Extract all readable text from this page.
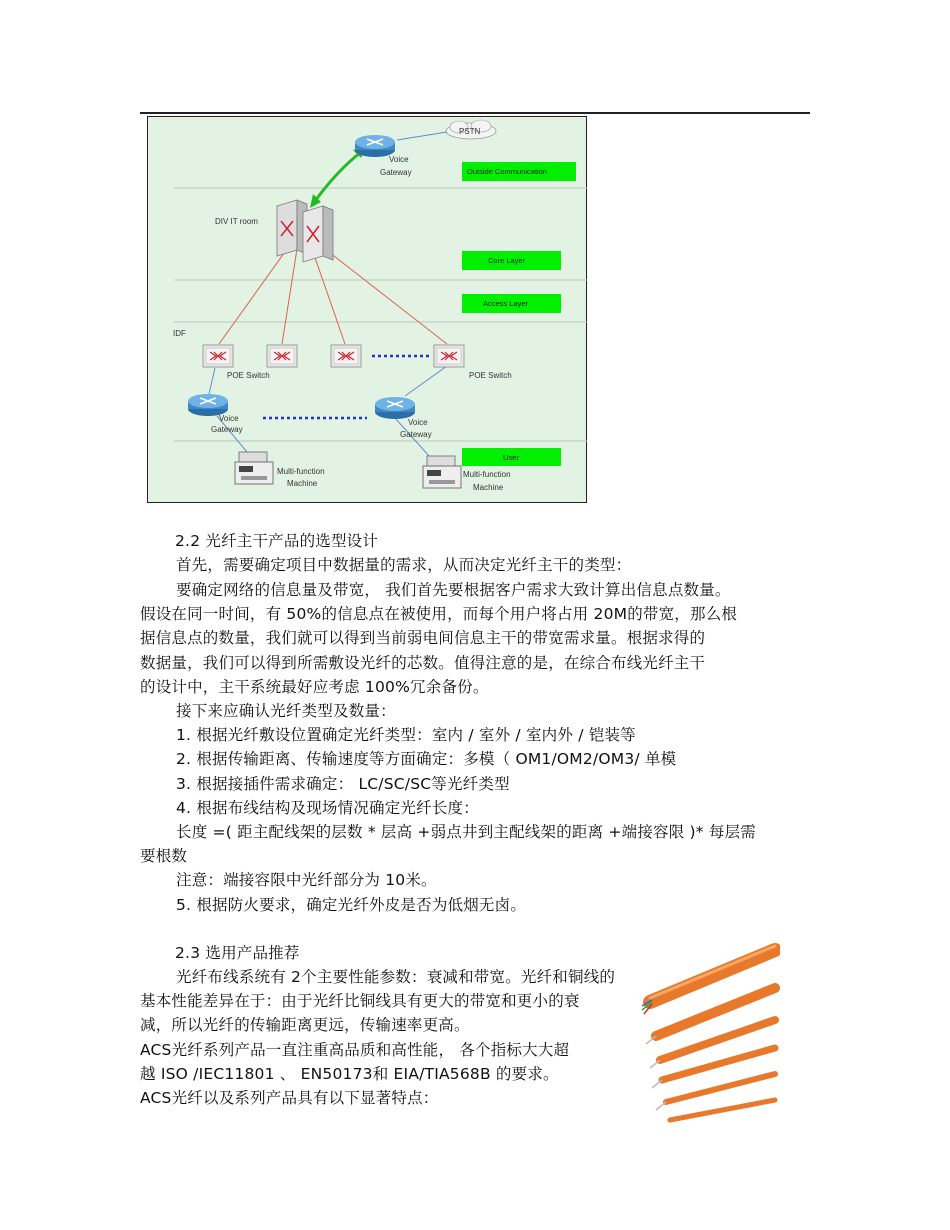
PSTN
Voice
Gateway	Outside Communication
DIV IT room
Core Layer
Access Layer
IDF
POE Switch	POE Switch
Voice
Gateway
Voice
Gateway
User
Multi-function
Machine
Multi-function
Machine
2.2 光纤主干产品的选型设计
首先，需要确定项目中数据量的需求，从而决定光纤主干的类型：
要确定网络的信息量及带宽， 我们首先要根据客户需求大致计算出信息点数量。
假设在同一时间，有 50%的信息点在被使用，而每个用户将占用 20M的带宽，那么根
据信息点的数量，我们就可以得到当前弱电间信息主干的带宽需求量。根据求得的
数据量，我们可以得到所需敷设光纤的芯数。值得注意的是，在综合布线光纤主干
的设计中，主干系统最好应考虑 100%冗余备份。
接下来应确认光纤类型及数量：
1. 根据光纤敷设位置确定光纤类型：室内 / 室外 / 室内外 / 铠装等
2. 根据传输距离、传输速度等方面确定：多模（ OM1/OM2/OM3/ 单模
3. 根据接插件需求确定： LC/SC/SC等光纤类型
4. 根据布线结构及现场情况确定光纤长度：
长度 =( 距主配线架的层数 * 层高 +弱点井到主配线架的距离 +端接容限 )* 每层需
要根数
注意：端接容限中光纤部分为 10米。
5. 根据防火要求，确定光纤外皮是否为低烟无卤。
2.3 选用产品推荐
光纤布线系统有 2个主要性能参数：衰减和带宽。光纤和铜线的
基本性能差异在于：由于光纤比铜线具有更大的带宽和更小的衰
减，所以光纤的传输距离更远，传输速率更高。
ACS光纤系列产品一直注重高品质和高性能， 各个指标大大超
越 ISO /IEC11801 、 EN50173和 EIA/TIA568B 的要求。
ACS光纤以及系列产品具有以下显著特点：
